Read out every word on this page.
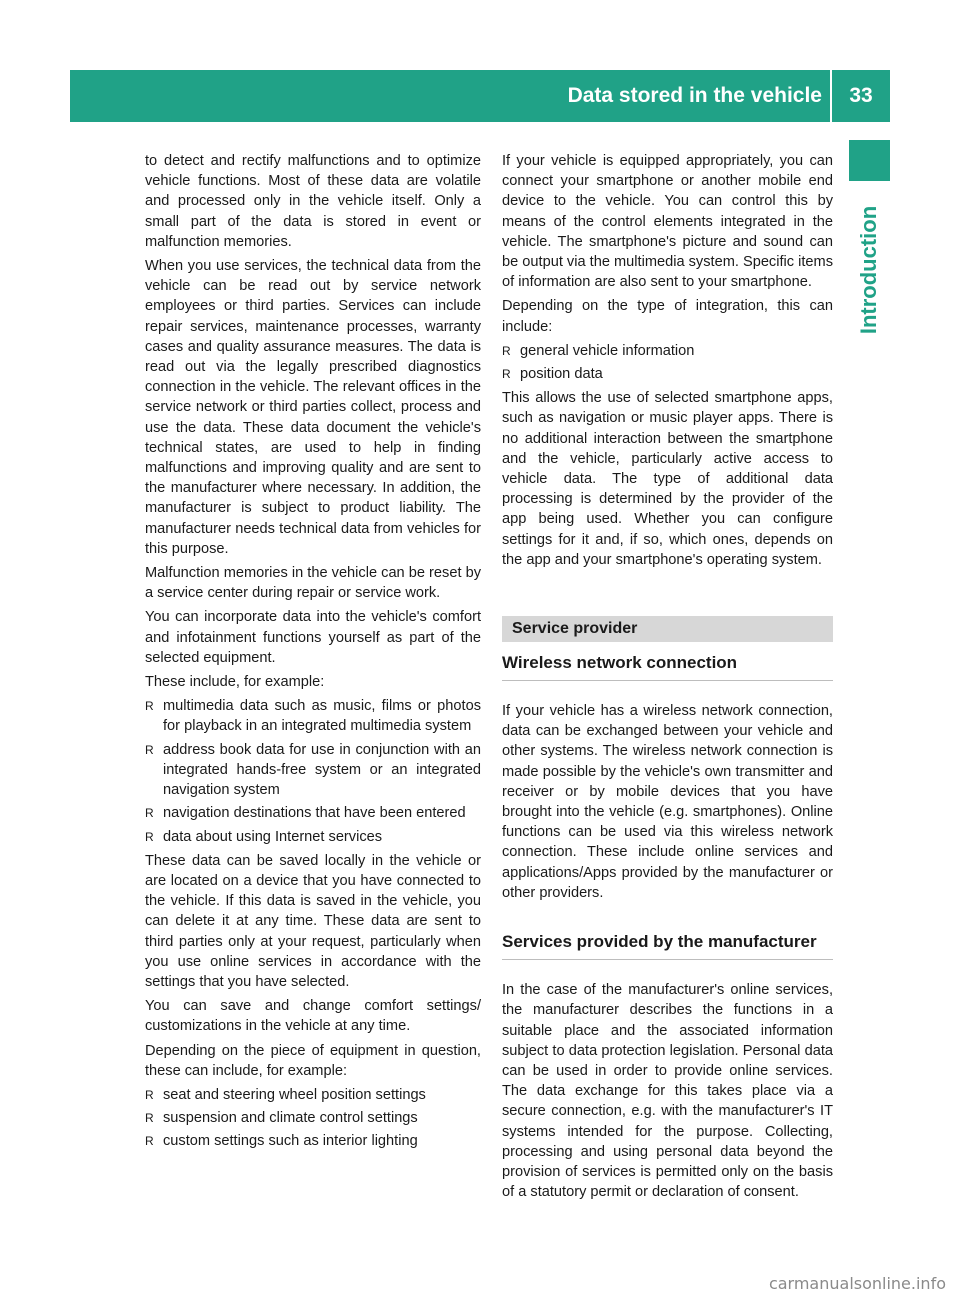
Data stored in the vehicle	33
Introduction

to detect and rectify malfunctions and to optimize vehicle functions. Most of these data are volatile and processed only in the vehicle itself. Only a small part of the data is stored in event or malfunction memories.

When you use services, the technical data from the vehicle can be read out by service network employees or third parties. Services can include repair services, maintenance processes, warranty cases and quality assurance measures. The data is read out via the legally prescribed diagnostics connection in the vehicle. The relevant offices in the service network or third parties collect, process and use the data. These data document the vehicle's technical states, are used to help in finding malfunctions and improving quality and are sent to the manufacturer where necessary. In addition, the manufacturer is subject to product liability. The manufacturer needs technical data from vehicles for this purpose.

Malfunction memories in the vehicle can be reset by a service center during repair or service work.

You can incorporate data into the vehicle's comfort and infotainment functions yourself as part of the selected equipment.

These include, for example:

R multimedia data such as music, films or photos for playback in an integrated multimedia system
R address book data for use in conjunction with an integrated hands-free system or an integrated navigation system
R navigation destinations that have been entered
R data about using Internet services

These data can be saved locally in the vehicle or are located on a device that you have connected to the vehicle. If this data is saved in the vehicle, you can delete it at any time. These data are sent to third parties only at your request, particularly when you use online services in accordance with the settings that you have selected.

You can save and change comfort settings/ customizations in the vehicle at any time.

Depending on the piece of equipment in question, these can include, for example:

R seat and steering wheel position settings
R suspension and climate control settings
R custom settings such as interior lighting

If your vehicle is equipped appropriately, you can connect your smartphone or another mobile end device to the vehicle. You can control this by means of the control elements integrated in the vehicle. The smartphone's picture and sound can be output via the multimedia system. Specific items of information are also sent to your smartphone.

Depending on the type of integration, this can include:

R general vehicle information
R position data

This allows the use of selected smartphone apps, such as navigation or music player apps. There is no additional interaction between the smartphone and the vehicle, particularly active access to vehicle data. The type of additional data processing is determined by the provider of the app being used. Whether you can configure settings for it and, if so, which ones, depends on the app and your smartphone's operating system.

Service provider
Wireless network connection

If your vehicle has a wireless network connection, data can be exchanged between your vehicle and other systems. The wireless network connection is made possible by the vehicle's own transmitter and receiver or by mobile devices that you have brought into the vehicle (e.g. smartphones). Online functions can be used via this wireless network connection. These include online services and applications/Apps provided by the manufacturer or other providers.

Services provided by the manufacturer

In the case of the manufacturer's online services, the manufacturer describes the functions in a suitable place and the associated information subject to data protection legislation. Personal data can be used in order to provide online services. The data exchange for this takes place via a secure connection, e.g. with the manufacturer's IT systems intended for the purpose. Collecting, processing and using personal data beyond the provision of services is permitted only on the basis of a statutory permit or declaration of consent.

carmanualsonline.info
